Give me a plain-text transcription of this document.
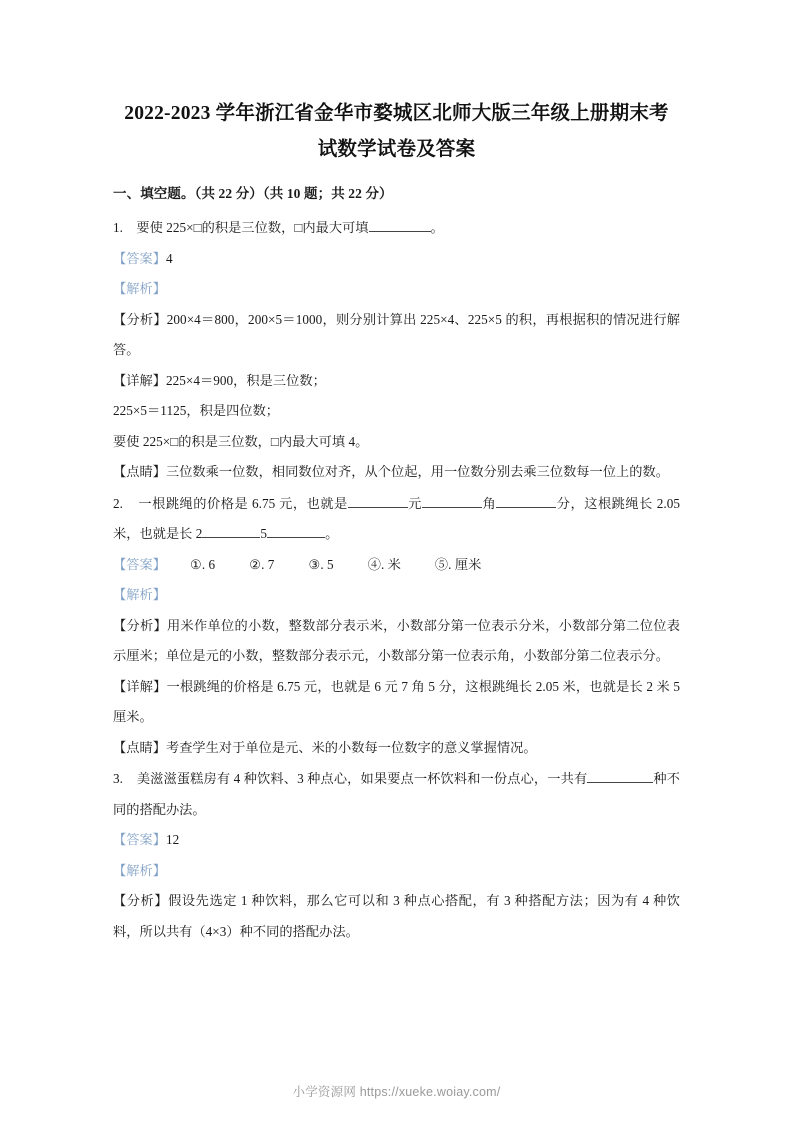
2022-2023 学年浙江省金华市婺城区北师大版三年级上册期末考试数学试卷及答案
一、填空题。（共 22 分）（共 10 题；共 22 分）

1. 要使 225×□的积是三位数，□内最大可填	。

【答案】4

【解析】

【分析】200×4＝800，200×5＝1000，则分别计算出 225×4、225×5 的积，再根据积的情况进行解答。

【详解】225×4＝900，积是三位数；

225×5＝1125，积是四位数；

要使 225×□的积是三位数，□内最大可填 4。

【点睛】三位数乘一位数，相同数位对齐，从个位起，用一位数分别去乘三位数每一位上的数。

2. 一根跳绳的价格是 6.75 元，也就是	元	角	分，这根跳绳长 2.05 米，也就是长 2	5	。

【答案】 ①. 6	②. 7	③. 5	④. 米	⑤. 厘米

【解析】

【分析】用米作单位的小数，整数部分表示米，小数部分第一位表示分米，小数部分第二位位表示厘米；单位是元的小数，整数部分表示元，小数部分第一位表示角，小数部分第二位表示分。

【详解】一根跳绳的价格是 6.75 元，也就是 6 元 7 角 5 分，这根跳绳长 2.05 米，也就是长 2 米 5 厘米。

【点睛】考查学生对于单位是元、米的小数每一位数字的意义掌握情况。

3. 美滋滋蛋糕房有 4 种饮料、3 种点心，如果要点一杯饮料和一份点心，一共有	种不同的搭配办法。

【答案】12

【解析】

【分析】假设先选定 1 种饮料，那么它可以和 3 种点心搭配，有 3 种搭配方法；因为有 4 种饮料，所以共有（4×3）种不同的搭配办法。

小学资源网 https://xueke.woiay.com/
